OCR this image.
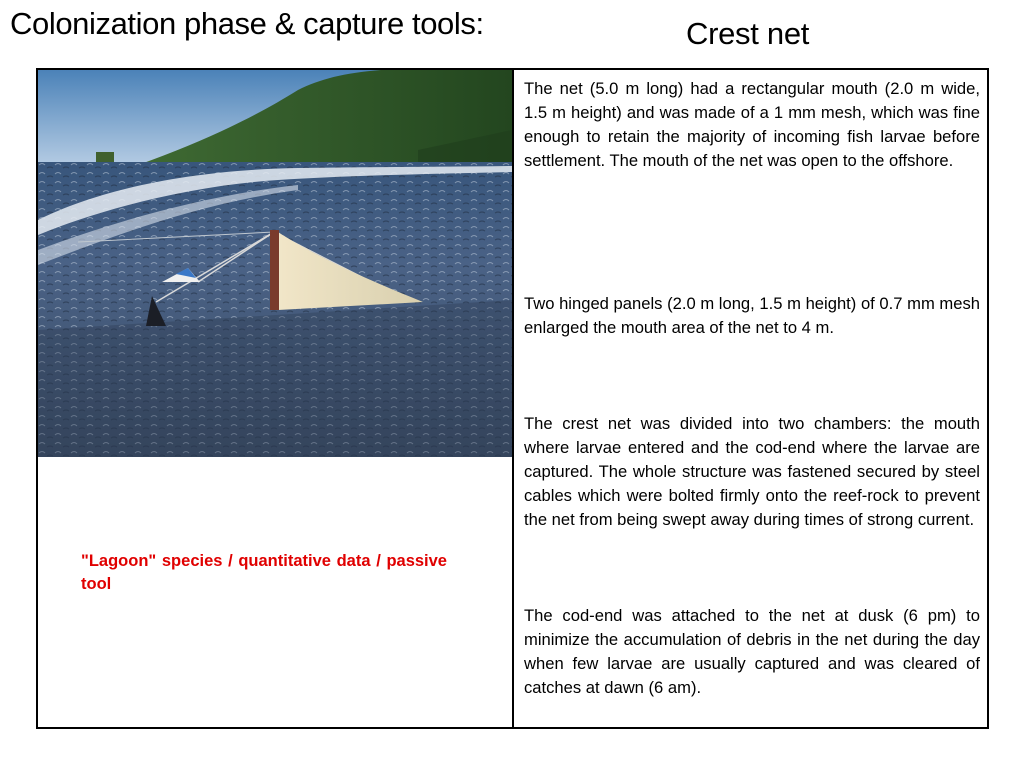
Colonization phase & capture tools:	Crest net

"Lagoon" species / quantitative data / passive tool

The net (5.0 m long) had a rectangular mouth (2.0 m wide, 1.5 m height) and was made of a 1 mm mesh, which was fine enough to retain the majority of incoming fish larvae before settlement. The mouth of the net was open to the offshore.

Two hinged panels (2.0 m long, 1.5 m height) of 0.7 mm mesh enlarged the mouth area of the net to 4 m.

The crest net was divided into two chambers: the mouth where larvae entered and the cod-end where the larvae are captured. The whole structure was fastened secured by steel cables which were bolted firmly onto the reef-rock to prevent the net from being swept away during times of strong current.

The cod-end was attached to the net at dusk (6 pm) to minimize the accumulation of debris in the net during the day when few larvae are usually captured and was cleared of catches at dawn (6 am).
